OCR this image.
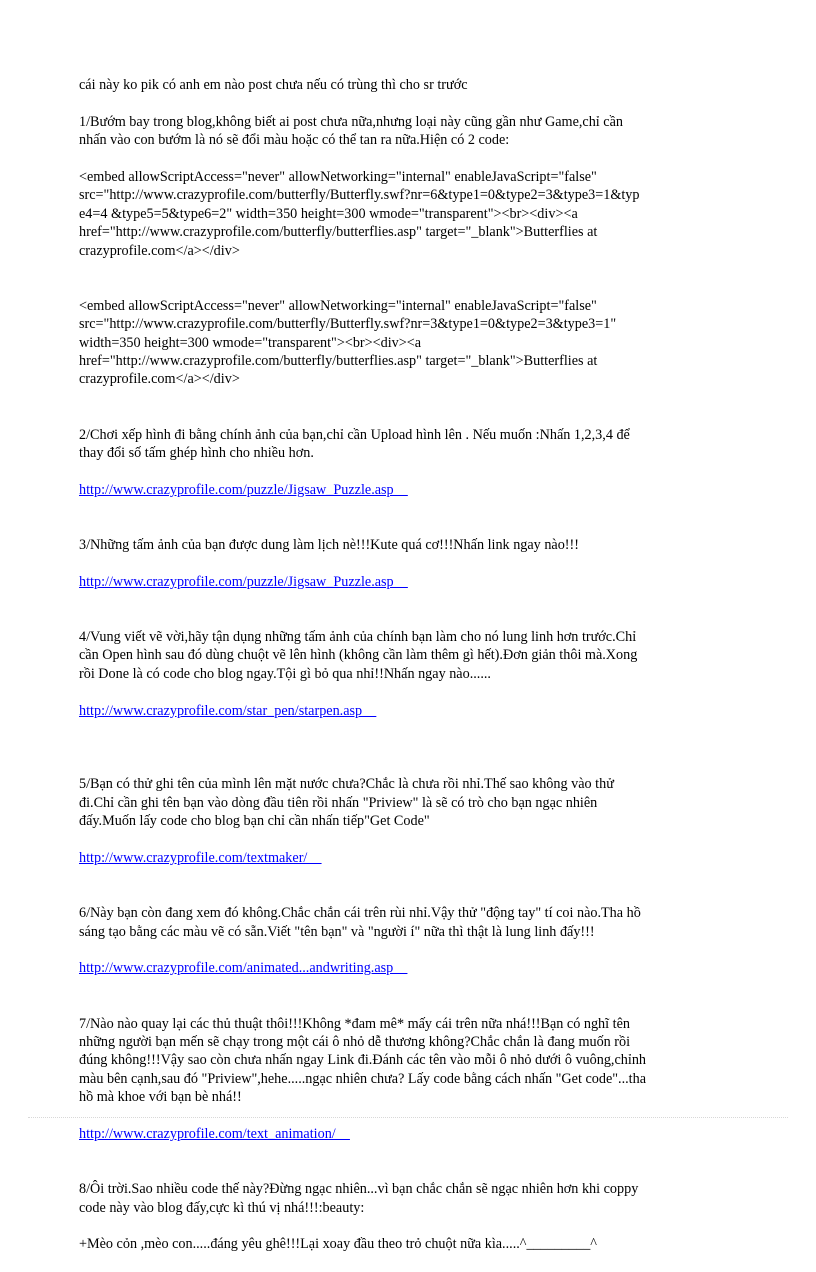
cái này ko pik có anh em nào post chưa nếu có trùng thì cho sr trước

1/Bướm bay trong blog,không biết ai post chưa nữa,nhưng loại này cũng gần như Game,chỉ cần
nhấn vào con bướm là nó sẽ đổi màu hoặc có thể tan ra nữa.Hiện có 2 code:

<embed allowScriptAccess="never" allowNetworking="internal" enableJavaScript="false"
src="http://www.crazyprofile.com/butterfly/Butterfly.swf?nr=6&type1=0&type2=3&type3=1&typ
e4=4 &type5=5&type6=2" width=350 height=300 wmode="transparent"><br><div><a
href="http://www.crazyprofile.com/butterfly/butterflies.asp" target="_blank">Butterflies at
crazyprofile.com</a></div>

<embed allowScriptAccess="never" allowNetworking="internal" enableJavaScript="false"
src="http://www.crazyprofile.com/butterfly/Butterfly.swf?nr=3&type1=0&type2=3&type3=1"
width=350 height=300 wmode="transparent"><br><div><a
href="http://www.crazyprofile.com/butterfly/butterflies.asp" target="_blank">Butterflies at
crazyprofile.com</a></div>

2/Chơi xếp hình đi bằng chính ảnh của bạn,chỉ cần Upload hình lên . Nếu muốn :Nhấn 1,2,3,4 để
thay đổi số tấm ghép hình cho nhiều hơn.

http://www.crazyprofile.com/puzzle/Jigsaw_Puzzle.asp

3/Những tấm ảnh của bạn được dung làm lịch nè!!!Kute quá cơ!!!Nhấn link ngay nào!!!

http://www.crazyprofile.com/puzzle/Jigsaw_Puzzle.asp

4/Vung viết vẽ vời,hãy tận dụng những tấm ảnh của chính bạn làm cho nó lung linh hơn trước.Chỉ
cần Open hình sau đó dùng chuột vẽ lên hình (không cần làm thêm gì hết).Đơn giản thôi mà.Xong
rồi Done là có code cho blog ngay.Tội gì bỏ qua nhỉ!!Nhấn ngay nào......

http://www.crazyprofile.com/star_pen/starpen.asp

5/Bạn có thử ghi tên của mình lên mặt nước chưa?Chắc là chưa rồi nhỉ.Thế sao không vào thử
đi.Chỉ cần ghi tên bạn vào dòng đầu tiên rồi nhấn "Priview" là sẽ có trò cho bạn ngạc nhiên
đấy.Muốn lấy code cho blog bạn chỉ cần nhấn tiếp"Get Code"

http://www.crazyprofile.com/textmaker/

6/Này bạn còn đang xem đó không.Chắc chắn cái trên rùi nhỉ.Vậy thử "động tay" tí coi nào.Tha hồ
sáng tạo bằng các màu vẽ có sẵn.Viết "tên bạn" và "người í" nữa thì thật là lung linh đấy!!!

http://www.crazyprofile.com/animated...andwriting.asp

7/Nào nào quay lại các thủ thuật thôi!!!Không *đam mê* mấy cái trên nữa nhá!!!Bạn có nghĩ tên
những người bạn mến sẽ chạy trong một cái ô nhỏ dễ thương không?Chắc chắn là đang muốn rồi
đúng không!!!Vậy sao còn chưa nhấn ngay Link đi.Đánh các tên vào mỗi ô nhỏ dưới ô vuông,chỉnh
màu bên cạnh,sau đó "Priview",hehe.....ngạc nhiên chưa? Lấy code bằng cách nhấn "Get code"...tha
hồ mà khoe với bạn bè nhá!!

http://www.crazyprofile.com/text_animation/

8/Ôi trời.Sao nhiều code thế này?Đừng ngạc nhiên...vì bạn chắc chắn sẽ ngạc nhiên hơn khi coppy
code này vào blog đấy,cực kì thú vị nhá!!!:beauty:

+Mèo cỏn ,mèo con.....đáng yêu ghê!!!Lại xoay đầu theo trỏ chuột nữa kìa.....^_________^
